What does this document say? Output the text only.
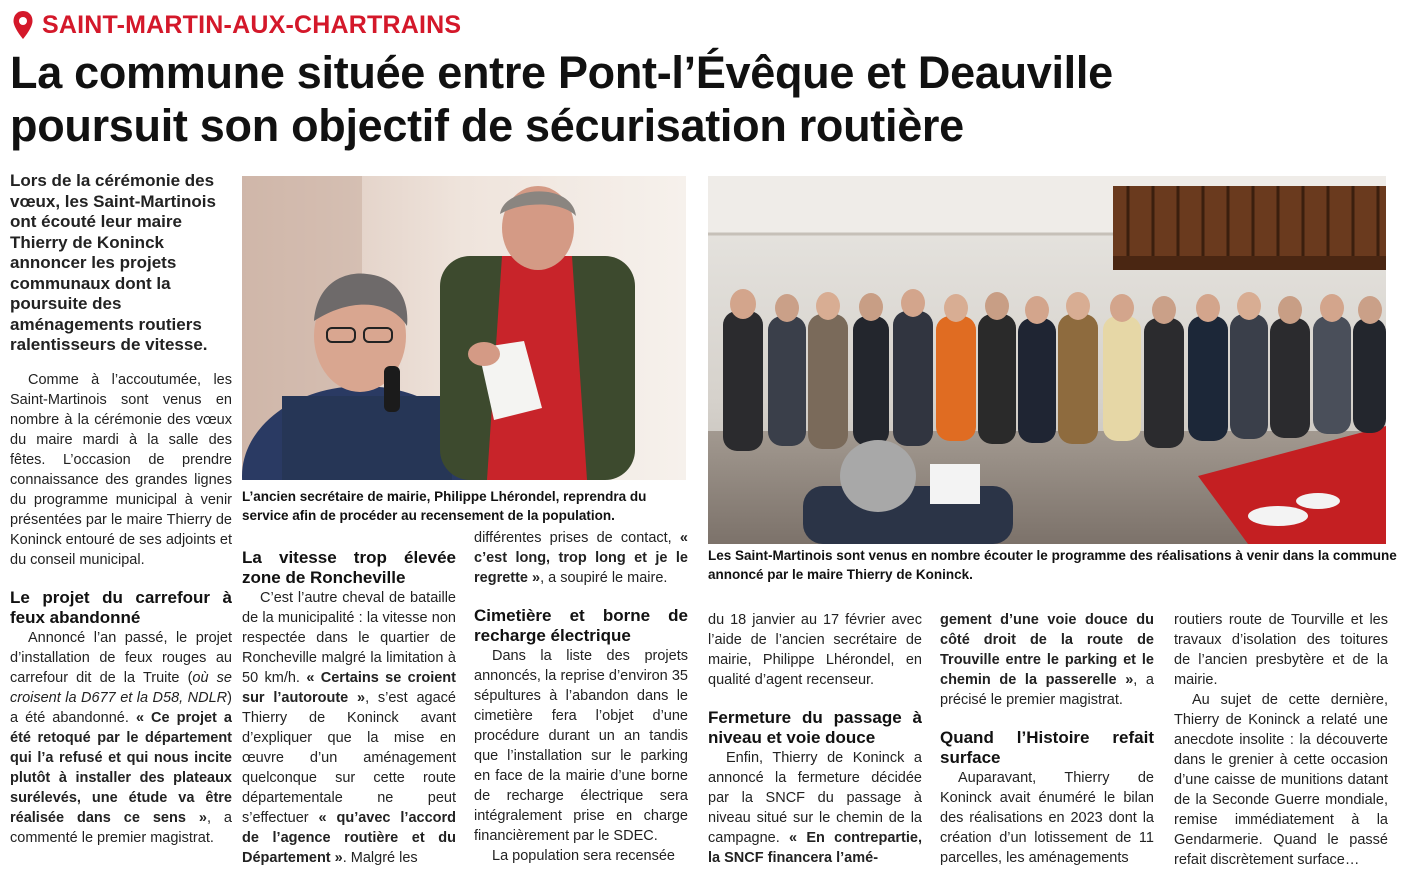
SAINT-MARTIN-AUX-CHARTRAINS
La commune située entre Pont-l’Évêque et Deauville
poursuit son objectif de sécurisation routière
Lors de la cérémonie des vœux, les Saint-Martinois ont écouté leur maire Thierry de Koninck annoncer les projets communaux dont la poursuite des aménagements routiers ralentisseurs de vitesse.

Comme à l’accoutumée, les Saint-Martinois sont venus en nombre à la cérémonie des vœux du maire mardi à la salle des fêtes. L’occasion de prendre connaissance des grandes lignes du programme municipal à venir présentées par le maire Thierry de Koninck entouré de ses adjoints et du conseil municipal.

Le projet du carrefour à feux abandonné

Annoncé l’an passé, le projet d’installation de feux rouges au carrefour dit de la Truite (où se croisent la D677 et la D58, NDLR) a été abandonné. « Ce projet a été retoqué par le département qui l’a refusé et qui nous incite plutôt à installer des plateaux surélevés, une étude va être réalisée dans ce sens », a commenté le premier magistrat.

L’ancien secrétaire de mairie, Philippe Lhérondel, reprendra du service afin de procéder au recensement de la population.
Les Saint-Martinois sont venus en nombre écouter le programme des réalisations à venir dans la commune annoncé par le maire Thierry de Koninck.
La vitesse trop élevée zone de Roncheville

C’est l’autre cheval de bataille de la municipalité : la vitesse non respectée dans le quartier de Roncheville malgré la limitation à 50 km/h. « Certains se croient sur l’autoroute », s’est agacé Thierry de Koninck avant d’expliquer que la mise en œuvre d’un aménagement quelconque sur cette route départementale ne peut s’effectuer « qu’avec l’accord de l’agence routière et du Département ». Malgré les

différentes prises de contact, « c’est long, trop long et je le regrette », a soupiré le maire.

Cimetière et borne de recharge électrique

Dans la liste des projets annoncés, la reprise d’environ 35 sépultures à l’abandon dans le cimetière fera l’objet d’une procédure durant un an tandis que l’installation sur le parking en face de la mairie d’une borne de recharge électrique sera intégralement prise en charge financièrement par le SDEC.

La population sera recensée

du 18 janvier au 17 février avec l’aide de l’ancien secrétaire de mairie, Philippe Lhérondel, en qualité d’agent recenseur.

Fermeture du passage à niveau et voie douce

Enfin, Thierry de Koninck a annoncé la fermeture décidée par la SNCF du passage à niveau situé sur le chemin de la campagne. « En contrepartie, la SNCF financera l’amé-

gement d’une voie douce du côté droit de la route de Trouville entre le parking et le chemin de la passerelle », a précisé le premier magistrat.

Quand l’Histoire refait surface

Auparavant, Thierry de Koninck avait énuméré le bilan des réalisations en 2023 dont la création d’un lotissement de 11 parcelles, les aménagements

routiers route de Tourville et les travaux d’isolation des toitures de l’ancien presbytère et de la mairie.

Au sujet de cette dernière, Thierry de Koninck a relaté une anecdote insolite : la découverte dans le grenier à cette occasion d’une caisse de munitions datant de la Seconde Guerre mondiale, remise immédiatement à la Gendarmerie. Quand le passé refait discrètement surface…
